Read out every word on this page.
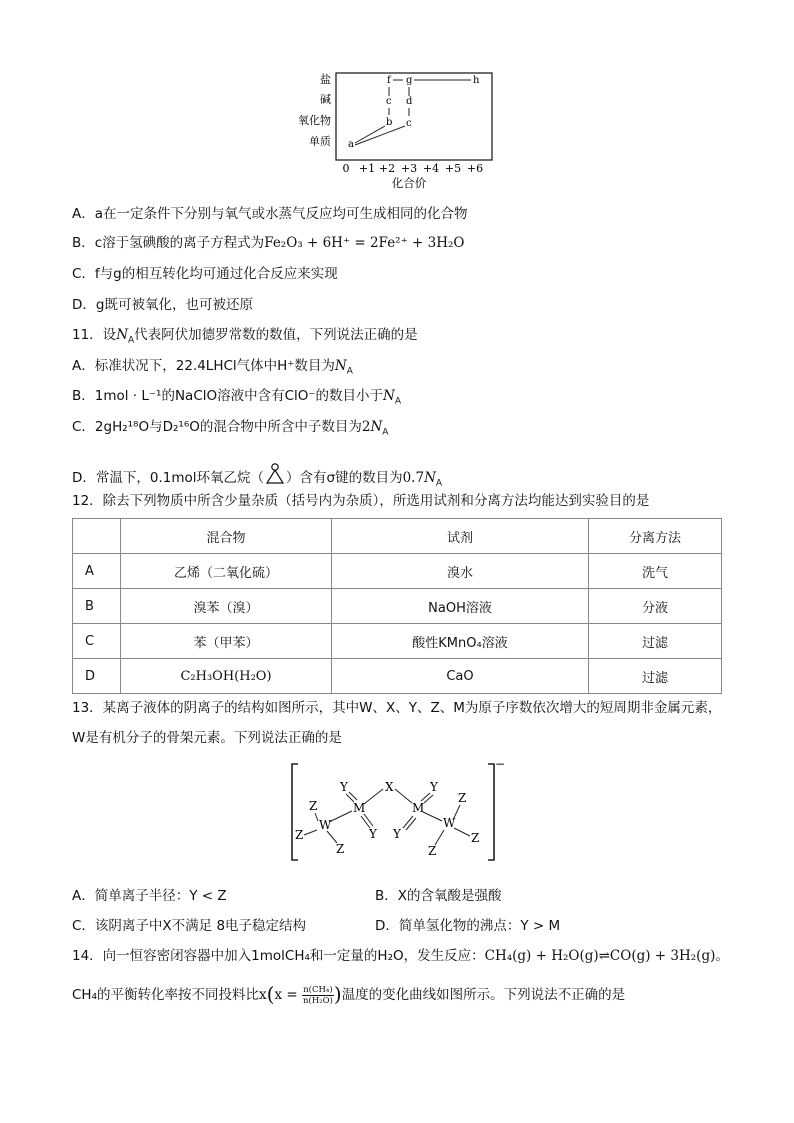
盐
碱
氧化物
单质
0 +1 +2 +3 +4 +5 +6
化合价
a
b c
c d
f g	h
A．a在一定条件下分别与氧气或水蒸气反应均可生成相同的化合物
B．c溶于氢碘酸的离子方程式为Fe₂O₃ + 6H⁺ = 2Fe²⁺ + 3H₂O
C．f与g的相互转化均可通过化合反应来实现
D．g既可被氧化，也可被还原
11．设$N_A$代表阿伏加德罗常数的数值，下列说法正确的是
A．标准状况下，22.4LHCl气体中H⁺数目为$N_A$
B．1mol · L⁻¹的NaClO溶液中含有ClO⁻的数目小于$N_A$
C．2gH₂¹⁸O与D₂¹⁶O的混合物中所含中子数目为$2N_A$
D．常温下，0.1mol环氧乙烷（ ）含有σ键的数目为$0.7N_A$
12．除去下列物质中所含少量杂质（括号内为杂质），所选用试剂和分离方法均能达到实验目的是
	混合物	试剂	分离方法
A	乙烯（二氧化硫）	溴水	洗气
B	溴苯（溴）	NaOH溶液	分液
C	苯（甲苯）	酸性KMnO₄溶液	过滤
D	C₂H₃OH(H₂O)	CaO	过滤
13．某离子液体的阴离子的结构如图所示，其中W、X、Y、Z、M为原子序数依次增大的短周期非金属元素，
W是有机分子的骨架元素。下列说法正确的是
−
Y
M
X	Y
M
Z
W
Z
Z
Y Y
Z
W
Z
Z
A．简单离子半径：Y < Z	B．X的含氧酸是强酸
C．该阴离子中X不满足 8电子稳定结构	D．简单氢化物的沸点：Y > M
14．向一恒容密闭容器中加入1molCH₄和一定量的H₂O，发生反应：CH₄(g) + H₂O(g)⇌CO(g) + 3H₂(g)。
CH₄的平衡转化率按不同投料比$x(x = \frac{\text{n(CH₄)}}{\text{n(H₂O)}}$ )温度的变化曲线如图所示。下列说法不正确的是
